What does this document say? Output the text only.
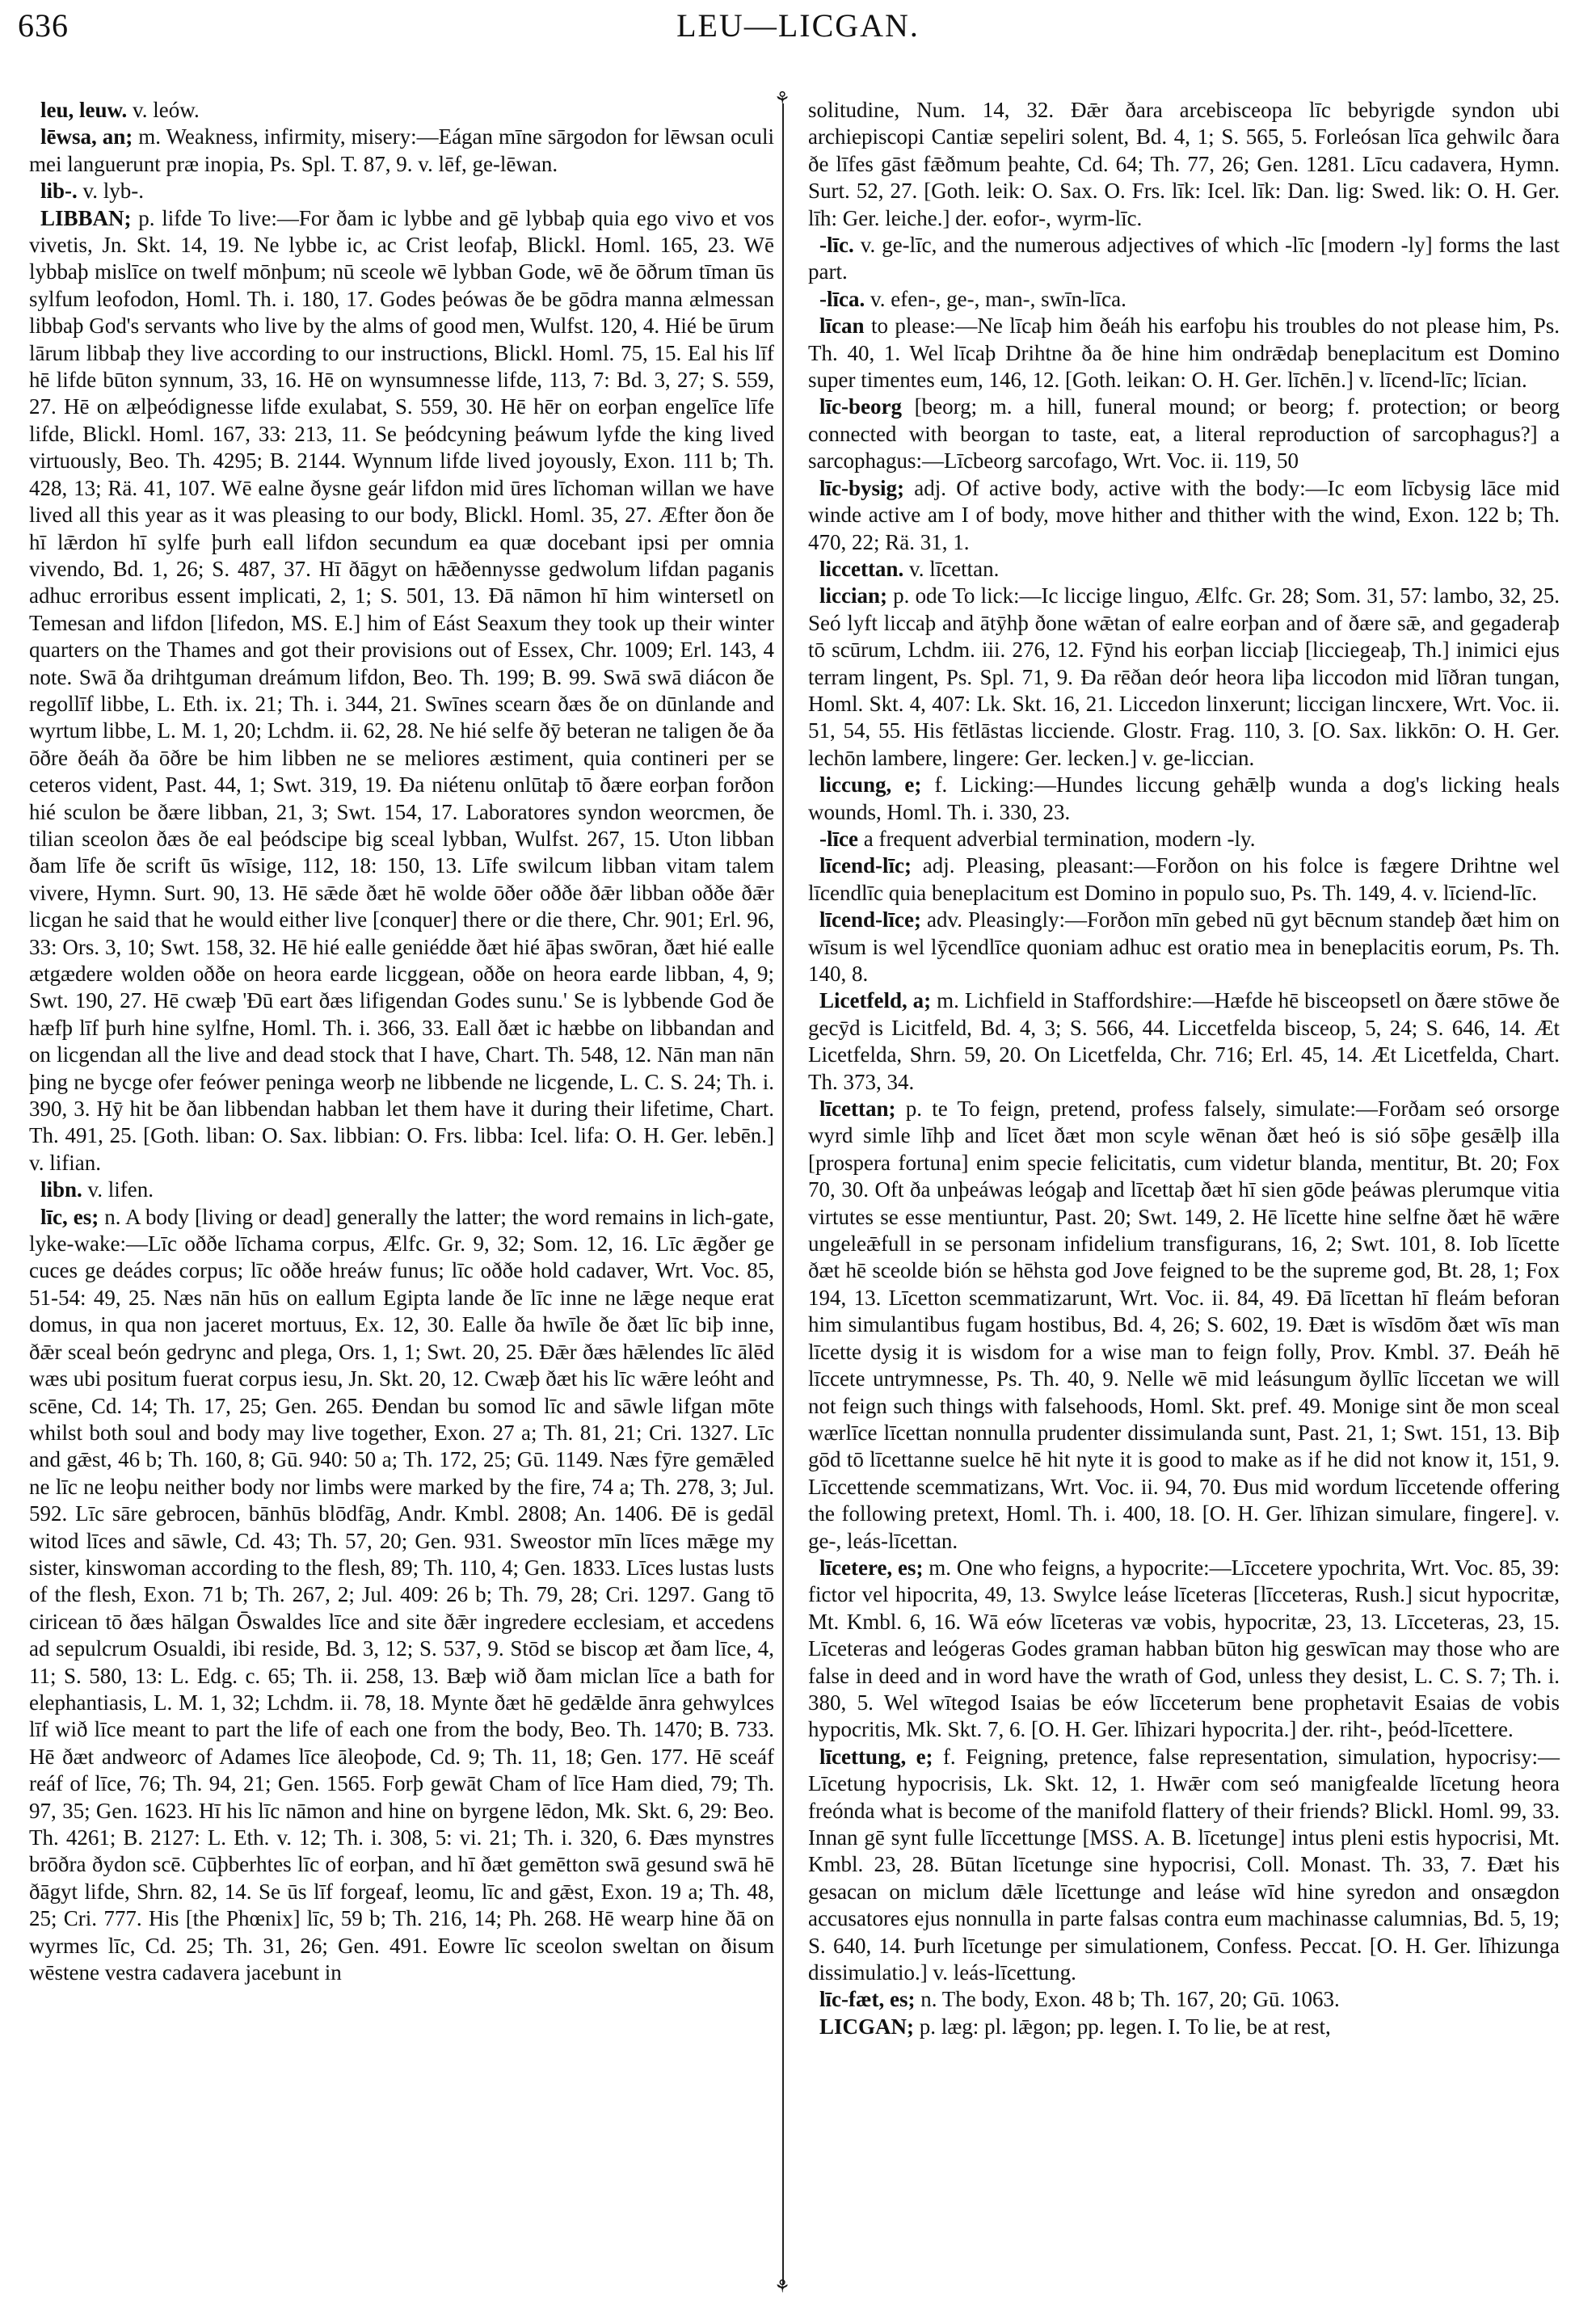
636	LEU—LICGAN.
⚘
⚘

leu, leuw. v. leów.

lēwsa, an; m. Weakness, infirmity, misery:—Eágan mīne sārgodon for lēwsan oculi mei languerunt præ inopia, Ps. Spl. T. 87, 9. v. lēf, ge-lēwan.

lib-. v. lyb-.

LIBBAN; p. lifde To live:—For ðam ic lybbe and gē lybbaþ quia ego vivo et vos vivetis, Jn. Skt. 14, 19. Ne lybbe ic, ac Crist leofaþ, Blickl. Homl. 165, 23. Wē lybbaþ mislīce on twelf mōnþum; nū sceole wē lybban Gode, wē ðe ōðrum tīman ūs sylfum leofodon, Homl. Th. i. 180, 17. Godes þeówas ðe be gōdra manna ælmessan libbaþ God's servants who live by the alms of good men, Wulfst. 120, 4. Hié be ūrum lārum libbaþ they live according to our instructions, Blickl. Homl. 75, 15. Eal his līf hē lifde būton synnum, 33, 16. Hē on wynsumnesse lifde, 113, 7: Bd. 3, 27; S. 559, 27. Hē on ælþeódignesse lifde exulabat, S. 559, 30. Hē hēr on eorþan engelīce līfe lifde, Blickl. Homl. 167, 33: 213, 11. Se þeódcyning þeáwum lyfde the king lived virtuously, Beo. Th. 4295; B. 2144. Wynnum lifde lived joyously, Exon. 111 b; Th. 428, 13; Rä. 41, 107. Wē ealne ðysne geár lifdon mid ūres līchoman willan we have lived all this year as it was pleasing to our body, Blickl. Homl. 35, 27. Æfter ðon ðe hī lǣrdon hī sylfe þurh eall lifdon secundum ea quæ docebant ipsi per omnia vivendo, Bd. 1, 26; S. 487, 37. Hī ðāgyt on hǣðennysse gedwolum lifdan paganis adhuc erroribus essent implicati, 2, 1; S. 501, 13. Đā nāmon hī him wintersetl on Temesan and lifdon [lifedon, MS. E.] him of Eást Seaxum they took up their winter quarters on the Thames and got their provisions out of Essex, Chr. 1009; Erl. 143, 4 note. Swā ða drihtguman dreámum lifdon, Beo. Th. 199; B. 99. Swā swā diácon ðe regollīf libbe, L. Eth. ix. 21; Th. i. 344, 21. Swīnes scearn ðæs ðe on dūnlande and wyrtum libbe, L. M. 1, 20; Lchdm. ii. 62, 28. Ne hié selfe ðȳ beteran ne taligen ðe ða ōðre ðeáh ða ōðre be him libben ne se meliores æstiment, quia contineri per se ceteros vident, Past. 44, 1; Swt. 319, 19. Đa niétenu onlūtaþ tō ðære eorþan forðon hié sculon be ðære libban, 21, 3; Swt. 154, 17. Laboratores syndon weorcmen, ðe tilian sceolon ðæs ðe eal þeódscipe big sceal lybban, Wulfst. 267, 15. Uton libban ðam līfe ðe scrift ūs wīsige, 112, 18: 150, 13. Līfe swilcum libban vitam talem vivere, Hymn. Surt. 90, 13. Hē sǣde ðæt hē wolde ōðer oððe ðǣr libban oððe ðǣr licgan he said that he would either live [conquer] there or die there, Chr. 901; Erl. 96, 33: Ors. 3, 10; Swt. 158, 32. Hē hié ealle geniédde ðæt hié āþas swōran, ðæt hié ealle ætgædere wolden oððe on heora earde licggean, oððe on heora earde libban, 4, 9; Swt. 190, 27. Hē cwæþ 'Ðū eart ðæs lifigendan Godes sunu.' Se is lybbende God ðe hæfþ līf þurh hine sylfne, Homl. Th. i. 366, 33. Eall ðæt ic hæbbe on libbandan and on licgendan all the live and dead stock that I have, Chart. Th. 548, 12. Nān man nān þing ne bycge ofer feówer peninga weorþ ne libbende ne licgende, L. C. S. 24; Th. i. 390, 3. Hȳ hit be ðan libbendan habban let them have it during their lifetime, Chart. Th. 491, 25. [Goth. liban: O. Sax. libbian: O. Frs. libba: Icel. lifa: O. H. Ger. lebēn.] v. lifian.

libn. v. lifen.

līc, es; n. A body [living or dead] generally the latter; the word remains in lich-gate, lyke-wake:—Līc oððe līchama corpus, Ælfc. Gr. 9, 32; Som. 12, 16. Līc ǣgðer ge cuces ge deádes corpus; līc oððe hreáw funus; līc oððe hold cadaver, Wrt. Voc. 85, 51-54: 49, 25. Næs nān hūs on eallum Egipta lande ðe līc inne ne lǣge neque erat domus, in qua non jaceret mortuus, Ex. 12, 30. Ealle ða hwīle ðe ðæt līc biþ inne, ðǣr sceal beón gedrync and plega, Ors. 1, 1; Swt. 20, 25. Đǣr ðæs hǣlendes līc ālēd wæs ubi positum fuerat corpus iesu, Jn. Skt. 20, 12. Cwæþ ðæt his līc wǣre leóht and scēne, Cd. 14; Th. 17, 25; Gen. 265. Đendan bu somod līc and sāwle lifgan mōte whilst both soul and body may live together, Exon. 27 a; Th. 81, 21; Cri. 1327. Līc and gǣst, 46 b; Th. 160, 8; Gū. 940: 50 a; Th. 172, 25; Gū. 1149. Næs fȳre gemǣled ne līc ne leoþu neither body nor limbs were marked by the fire, 74 a; Th. 278, 3; Jul. 592. Līc sāre gebrocen, bānhūs blōdfāg, Andr. Kmbl. 2808; An. 1406. Đē is gedāl witod līces and sāwle, Cd. 43; Th. 57, 20; Gen. 931. Sweostor mīn līces mǣge my sister, kinswoman according to the flesh, 89; Th. 110, 4; Gen. 1833. Līces lustas lusts of the flesh, Exon. 71 b; Th. 267, 2; Jul. 409: 26 b; Th. 79, 28; Cri. 1297. Gang tō ciricean tō ðæs hālgan Ōswaldes līce and site ðǣr ingredere ecclesiam, et accedens ad sepulcrum Osualdi, ibi reside, Bd. 3, 12; S. 537, 9. Stōd se biscop æt ðam līce, 4, 11; S. 580, 13: L. Edg. c. 65; Th. ii. 258, 13. Bæþ wið ðam miclan līce a bath for elephantiasis, L. M. 1, 32; Lchdm. ii. 78, 18. Mynte ðæt hē gedǣlde ānra gehwylces līf wið līce meant to part the life of each one from the body, Beo. Th. 1470; B. 733. Hē ðæt andweorc of Adames līce āleoþode, Cd. 9; Th. 11, 18; Gen. 177. Hē sceáf reáf of līce, 76; Th. 94, 21; Gen. 1565. Forþ gewāt Cham of līce Ham died, 79; Th. 97, 35; Gen. 1623. Hī his līc nāmon and hine on byrgene lēdon, Mk. Skt. 6, 29: Beo. Th. 4261; B. 2127: L. Eth. v. 12; Th. i. 308, 5: vi. 21; Th. i. 320, 6. Đæs mynstres brōðra ðydon scē. Cūþberhtes līc of eorþan, and hī ðæt gemētton swā gesund swā hē ðāgyt lifde, Shrn. 82, 14. Se ūs līf forgeaf, leomu, līc and gǣst, Exon. 19 a; Th. 48, 25; Cri. 777. His [the Phœnix] līc, 59 b; Th. 216, 14; Ph. 268. Hē wearp hine ðā on wyrmes līc, Cd. 25; Th. 31, 26; Gen. 491. Eowre līc sceolon sweltan on ðisum wēstene vestra cadavera jacebunt in

solitudine, Num. 14, 32. Đǣr ðara arcebisceopa līc bebyrigde syndon ubi archiepiscopi Cantiæ sepeliri solent, Bd. 4, 1; S. 565, 5. Forleósan līca gehwilc ðara ðe līfes gāst fǣðmum þeahte, Cd. 64; Th. 77, 26; Gen. 1281. Līcu cadavera, Hymn. Surt. 52, 27. [Goth. leik: O. Sax. O. Frs. līk: Icel. līk: Dan. lig: Swed. lik: O. H. Ger. līh: Ger. leiche.] der. eofor-, wyrm-līc.

-līc. v. ge-līc, and the numerous adjectives of which -līc [modern -ly] forms the last part.

-līca. v. efen-, ge-, man-, swīn-līca.

līcan to please:—Ne līcaþ him ðeáh his earfoþu his troubles do not please him, Ps. Th. 40, 1. Wel līcaþ Drihtne ða ðe hine him ondrǣdaþ beneplacitum est Domino super timentes eum, 146, 12. [Goth. leikan: O. H. Ger. līchēn.] v. līcend-līc; līcian.

līc-beorg [beorg; m. a hill, funeral mound; or beorg; f. protection; or beorg connected with beorgan to taste, eat, a literal reproduction of sarcophagus?] a sarcophagus:—Līcbeorg sarcofago, Wrt. Voc. ii. 119, 50

līc-bysig; adj. Of active body, active with the body:—Ic eom līcbysig lāce mid winde active am I of body, move hither and thither with the wind, Exon. 122 b; Th. 470, 22; Rä. 31, 1.

liccettan. v. līcettan.

liccian; p. ode To lick:—Ic liccige linguo, Ælfc. Gr. 28; Som. 31, 57: lambo, 32, 25. Seó lyft liccaþ and ātȳhþ ðone wǣtan of ealre eorþan and of ðære sǣ, and gegaderaþ tō scūrum, Lchdm. iii. 276, 12. Fȳnd his eorþan licciaþ [licciegeaþ, Th.] inimici ejus terram lingent, Ps. Spl. 71, 9. Đa rēðan deór heora liþa liccodon mid līðran tungan, Homl. Skt. 4, 407: Lk. Skt. 16, 21. Liccedon linxerunt; liccigan lincxere, Wrt. Voc. ii. 51, 54, 55. His fētlāstas licciende. Glostr. Frag. 110, 3. [O. Sax. likkōn: O. H. Ger. lechōn lambere, lingere: Ger. lecken.] v. ge-liccian.

liccung, e; f. Licking:—Hundes liccung gehǣlþ wunda a dog's licking heals wounds, Homl. Th. i. 330, 23.

-līce a frequent adverbial termination, modern -ly.

līcend-līc; adj. Pleasing, pleasant:—Forðon on his folce is fægere Drihtne wel līcendlīc quia beneplacitum est Domino in populo suo, Ps. Th. 149, 4. v. līciend-līc.

līcend-līce; adv. Pleasingly:—Forðon mīn gebed nū gyt bēcnum standeþ ðæt him on wīsum is wel lȳcendlīce quoniam adhuc est oratio mea in beneplacitis eorum, Ps. Th. 140, 8.

Licetfeld, a; m. Lichfield in Staffordshire:—Hæfde hē bisceopsetl on ðære stōwe ðe gecȳd is Licitfeld, Bd. 4, 3; S. 566, 44. Liccetfelda bisceop, 5, 24; S. 646, 14. Æt Licetfelda, Shrn. 59, 20. On Licetfelda, Chr. 716; Erl. 45, 14. Æt Licetfelda, Chart. Th. 373, 34.

līcettan; p. te To feign, pretend, profess falsely, simulate:—Forðam seó orsorge wyrd simle līhþ and līcet ðæt mon scyle wēnan ðæt heó is sió sōþe gesǣlþ illa [prospera fortuna] enim specie felicitatis, cum videtur blanda, mentitur, Bt. 20; Fox 70, 30. Oft ða unþeáwas leógaþ and līcettaþ ðæt hī sien gōde þeáwas plerumque vitia virtutes se esse mentiuntur, Past. 20; Swt. 149, 2. Hē līcette hine selfne ðæt hē wǣre ungeleǣfull in se personam infidelium transfigurans, 16, 2; Swt. 101, 8. Iob līcette ðæt hē sceolde bión se hēhsta god Jove feigned to be the supreme god, Bt. 28, 1; Fox 194, 13. Līcetton scemmatizarunt, Wrt. Voc. ii. 84, 49. Đā līcettan hī fleám beforan him simulantibus fugam hostibus, Bd. 4, 26; S. 602, 19. Đæt is wīsdōm ðæt wīs man līcette dysig it is wisdom for a wise man to feign folly, Prov. Kmbl. 37. Đeáh hē līccete untrymnesse, Ps. Th. 40, 9. Nelle wē mid leásungum ðyllīc līccetan we will not feign such things with falsehoods, Homl. Skt. pref. 49. Monige sint ðe mon sceal wærlīce līcettan nonnulla prudenter dissimulanda sunt, Past. 21, 1; Swt. 151, 13. Biþ gōd tō līcettanne suelce hē hit nyte it is good to make as if he did not know it, 151, 9. Līccettende scemmatizans, Wrt. Voc. ii. 94, 70. Đus mid wordum līccetende offering the following pretext, Homl. Th. i. 400, 18. [O. H. Ger. līhizan simulare, fingere]. v. ge-, leás-līcettan.

līcetere, es; m. One who feigns, a hypocrite:—Līccetere ypochrita, Wrt. Voc. 85, 39: fictor vel hipocrita, 49, 13. Swylce leáse līceteras [līcceteras, Rush.] sicut hypocritæ, Mt. Kmbl. 6, 16. Wā eów līceteras væ vobis, hypocritæ, 23, 13. Līcceteras, 23, 15. Līceteras and leógeras Godes graman habban būton hig geswīcan may those who are false in deed and in word have the wrath of God, unless they desist, L. C. S. 7; Th. i. 380, 5. Wel wītegod Isaias be eów līcceterum bene prophetavit Esaias de vobis hypocritis, Mk. Skt. 7, 6. [O. H. Ger. līhizari hypocrita.] der. riht-, þeód-līcettere.

līcettung, e; f. Feigning, pretence, false representation, simulation, hypocrisy:—Līcetung hypocrisis, Lk. Skt. 12, 1. Hwǣr com seó manigfealde līcetung heora freónda what is become of the manifold flattery of their friends? Blickl. Homl. 99, 33. Innan gē synt fulle līccettunge [MSS. A. B. līcetunge] intus pleni estis hypocrisi, Mt. Kmbl. 23, 28. Būtan līcetunge sine hypocrisi, Coll. Monast. Th. 33, 7. Ðæt his gesacan on miclum dǣle līcettunge and leáse wīd hine syredon and onsægdon accusatores ejus nonnulla in parte falsas contra eum machinasse calumnias, Bd. 5, 19; S. 640, 14. Þurh līcetunge per simulationem, Confess. Peccat. [O. H. Ger. līhizunga dissimulatio.] v. leás-līcettung.

līc-fæt, es; n. The body, Exon. 48 b; Th. 167, 20; Gū. 1063.

LICGAN; p. læg: pl. lǣgon; pp. legen. I. To lie, be at rest,
